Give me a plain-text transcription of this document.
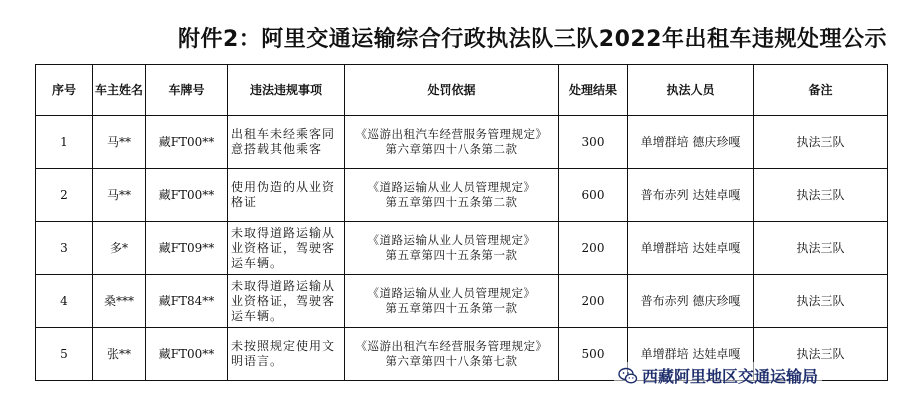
附件2：阿里交通运输综合行政执法队三队2022年出租车违规处理公示
序号	车主姓名	车牌号	违法违规事项	处罚依据	处理结果	执法人员	备注
1	马**	藏FT00**	出租车未经乘客同意搭载其他乘客	《巡游出租汽车经营服务管理规定》
第六章第四十八条第二款	300	单增群培 德庆珍嘎	执法三队
2	马**	藏FT00**	使用伪造的从业资格证	《道路运输从业人员管理规定》
第五章第四十五条第二款	600	普布赤列 达娃卓嘎	执法三队
3	多*	藏FT09**	未取得道路运输从业资格证，驾驶客运车辆。	《道路运输从业人员管理规定》
第五章第四十五条第一款	200	单增群培 达娃卓嘎	执法三队
4	桑***	藏FT84**	未取得道路运输从业资格证，驾驶客运车辆。	《道路运输从业人员管理规定》
第五章第四十五条第一款	200	普布赤列 德庆珍嘎	执法三队
5	张**	藏FT00**	未按照规定使用文明语言。	《巡游出租汽车经营服务管理规定》
第六章第四十八条第七款	500	单增群培 达娃卓嘎	执法三队
西藏阿里地区交通运输局
